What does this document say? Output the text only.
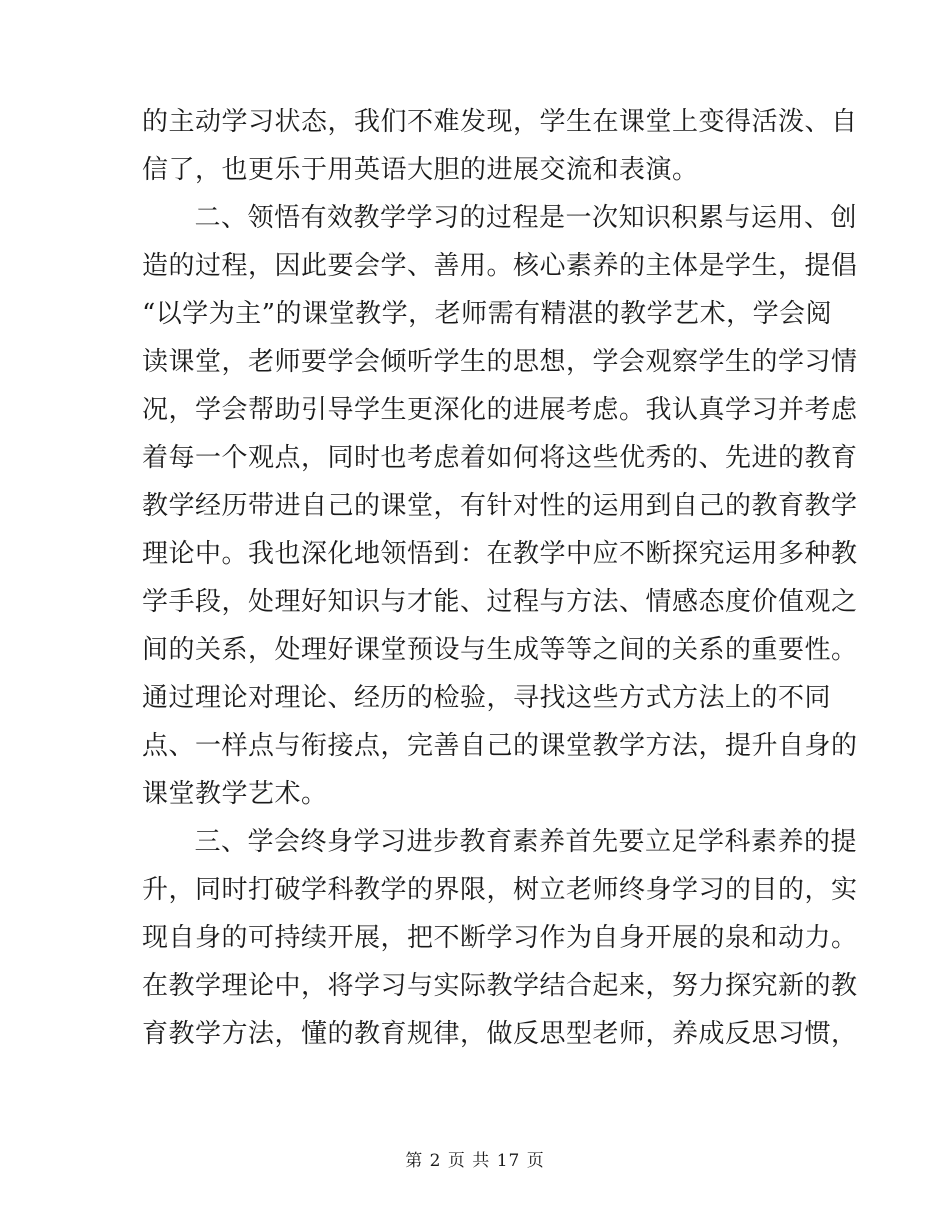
的主动学习状态，我们不难发现，学生在课堂上变得活泼、自
信了，也更乐于用英语大胆的进展交流和表演。
　二、领悟有效教学学习的过程是一次知识积累与运用、创
造的过程，因此要会学、善用。核心素养的主体是学生，提倡
“以学为主”的课堂教学，老师需有精湛的教学艺术，学会阅
读课堂，老师要学会倾听学生的思想，学会观察学生的学习情
况，学会帮助引导学生更深化的进展考虑。我认真学习并考虑
着每一个观点，同时也考虑着如何将这些优秀的、先进的教育
教学经历带进自己的课堂，有针对性的运用到自己的教育教学
理论中。我也深化地领悟到：在教学中应不断探究运用多种教
学手段，处理好知识与才能、过程与方法、情感态度价值观之
间的关系，处理好课堂预设与生成等等之间的关系的重要性。
通过理论对理论、经历的检验，寻找这些方式方法上的不同
点、一样点与衔接点，完善自己的课堂教学方法，提升自身的
课堂教学艺术。
　三、学会终身学习进步教育素养首先要立足学科素养的提
升，同时打破学科教学的界限，树立老师终身学习的目的，实
现自身的可持续开展，把不断学习作为自身开展的泉和动力。
在教学理论中，将学习与实际教学结合起来，努力探究新的教
育教学方法，懂的教育规律，做反思型老师，养成反思习惯，
第 2 页 共 17 页
